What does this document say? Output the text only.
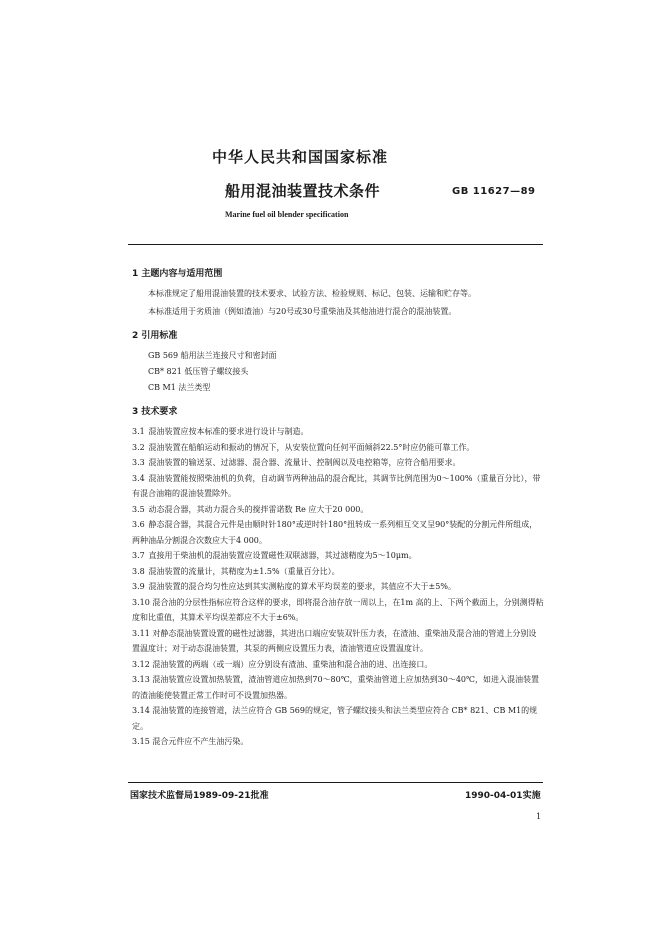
中华人民共和国国家标准
船用混油装置技术条件	GB 11627—89
Marine fuel oil blender specification
1 主题内容与适用范围
本标准规定了船用混油装置的技术要求、试验方法、检验规则、标记、包装、运输和贮存等。
本标准适用于劣质油（例如渣油）与20号或30号重柴油及其他油进行混合的混油装置。
2 引用标准
GB 569 船用法兰连接尺寸和密封面
CB* 821 低压管子螺纹接头
CB M1 法兰类型
3 技术要求

3.1 混油装置应按本标准的要求进行设计与制造。

3.2 混油装置在船舶运动和振动的情况下，从安装位置向任何平面倾斜22.5°时应仍能可靠工作。

3.3 混油装置的输送泵、过滤器、混合器、流量计、控制阀以及电控箱等，应符合船用要求。

3.4 混油装置能按照柴油机的负荷，自动调节两种油品的混合配比，其调节比例范围为0～100%（重量百分比），带有混合油箱的混油装置除外。

3.5 动态混合器，其动力混合头的搅拌雷诺数 Re 应大于20 000。

3.6 静态混合器，其混合元件是由顺时针180°或逆时针180°扭转成一系列相互交叉呈90°装配的分割元件所组成，两种油品分割混合次数应大于4 000。

3.7 直接用于柴油机的混油装置应设置磁性双联滤器，其过滤精度为5～10μm。

3.8 混油装置的流量计，其精度为±1.5%（重量百分比）。

3.9 混油装置的混合均匀性应达到其实测粘度的算术平均误差的要求，其值应不大于±5%。

3.10 混合油的分层性指标应符合这样的要求，即将混合油存放一周以上，在1m 高的上、下两个截面上，分别测得粘度和比重值，其算术平均误差都应不大于±6%。

3.11 对静态混油装置设置的磁性过滤器，其进出口端应安装双针压力表，在渣油、重柴油及混合油的管道上分别设置温度计；对于动态混油装置，其泵的两侧应设置压力表，渣油管道应设置温度计。

3.12 混油装置的两端（或一端）应分别设有渣油、重柴油和混合油的进、出连接口。

3.13 混油装置应设置加热装置，渣油管道应加热到70～80℃，重柴油管道上应加热到30～40℃，如进入混油装置的渣油能使装置正常工作时可不设置加热器。

3.14 混油装置的连接管道，法兰应符合 GB 569的规定，管子螺纹接头和法兰类型应符合 CB* 821、CB M1的规定。

3.15 混合元件应不产生油污染。

国家技术监督局1989-09-21批准	1990-04-01实施
1
